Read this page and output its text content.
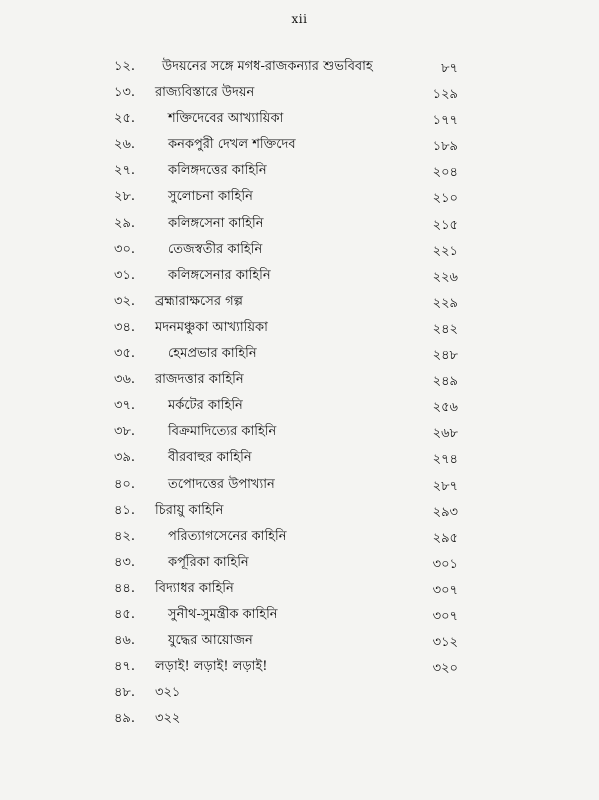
xii
১২. উদয়নের সঙ্গে মগধ-রাজকন্যার শুভবিবাহ	৮৭
১৩. রাজ্যবিস্তারে উদয়ন	১২৯
২৫.	শক্তিদেবের আখ্যায়িকা	১৭৭
২৬.	কনকপুরী দেখল শক্তিদেব	১৮৯
২৭.	কলিঙ্গদত্তের কাহিনি	২০৪
২৮.	সুলোচনা কাহিনি	২১০
২৯.	কলিঙ্গসেনা কাহিনি	২১৫
৩০.	তেজস্বতীর কাহিনি	২২১
৩১.	কলিঙ্গসেনার কাহিনি	২২৬
৩২. ব্রহ্মারাক্ষসের গল্প	২২৯
৩৪. মদনমঞ্চুকা আখ্যায়িকা	২৪২
৩৫.	হেমপ্রভার কাহিনি	২৪৮
৩৬. রাজদত্তার কাহিনি	২৪৯
৩৭.	মর্কটের কাহিনি	২৫৬
৩৮.	বিক্রমাদিত্যের কাহিনি	২৬৮
৩৯.	বীরবাহুর কাহিনি	২৭৪
৪০.	তপোদত্তের উপাখ্যান	২৮৭
৪১. চিরায়ু কাহিনি	২৯৩
৪২.	পরিত্যাগসেনের কাহিনি	২৯৫
৪৩.	কর্পূরিকা কাহিনি	৩০১
৪৪. বিদ্যাধর কাহিনি	৩০৭
৪৫.	সুনীথ-সুমন্ত্রীক কাহিনি	৩০৭
৪৬.	যুদ্ধের আয়োজন	৩১২
৪৭. লড়াই! লড়াই! লড়াই!	৩২০
৪৮. ৩২১
৪৯. ৩২২
